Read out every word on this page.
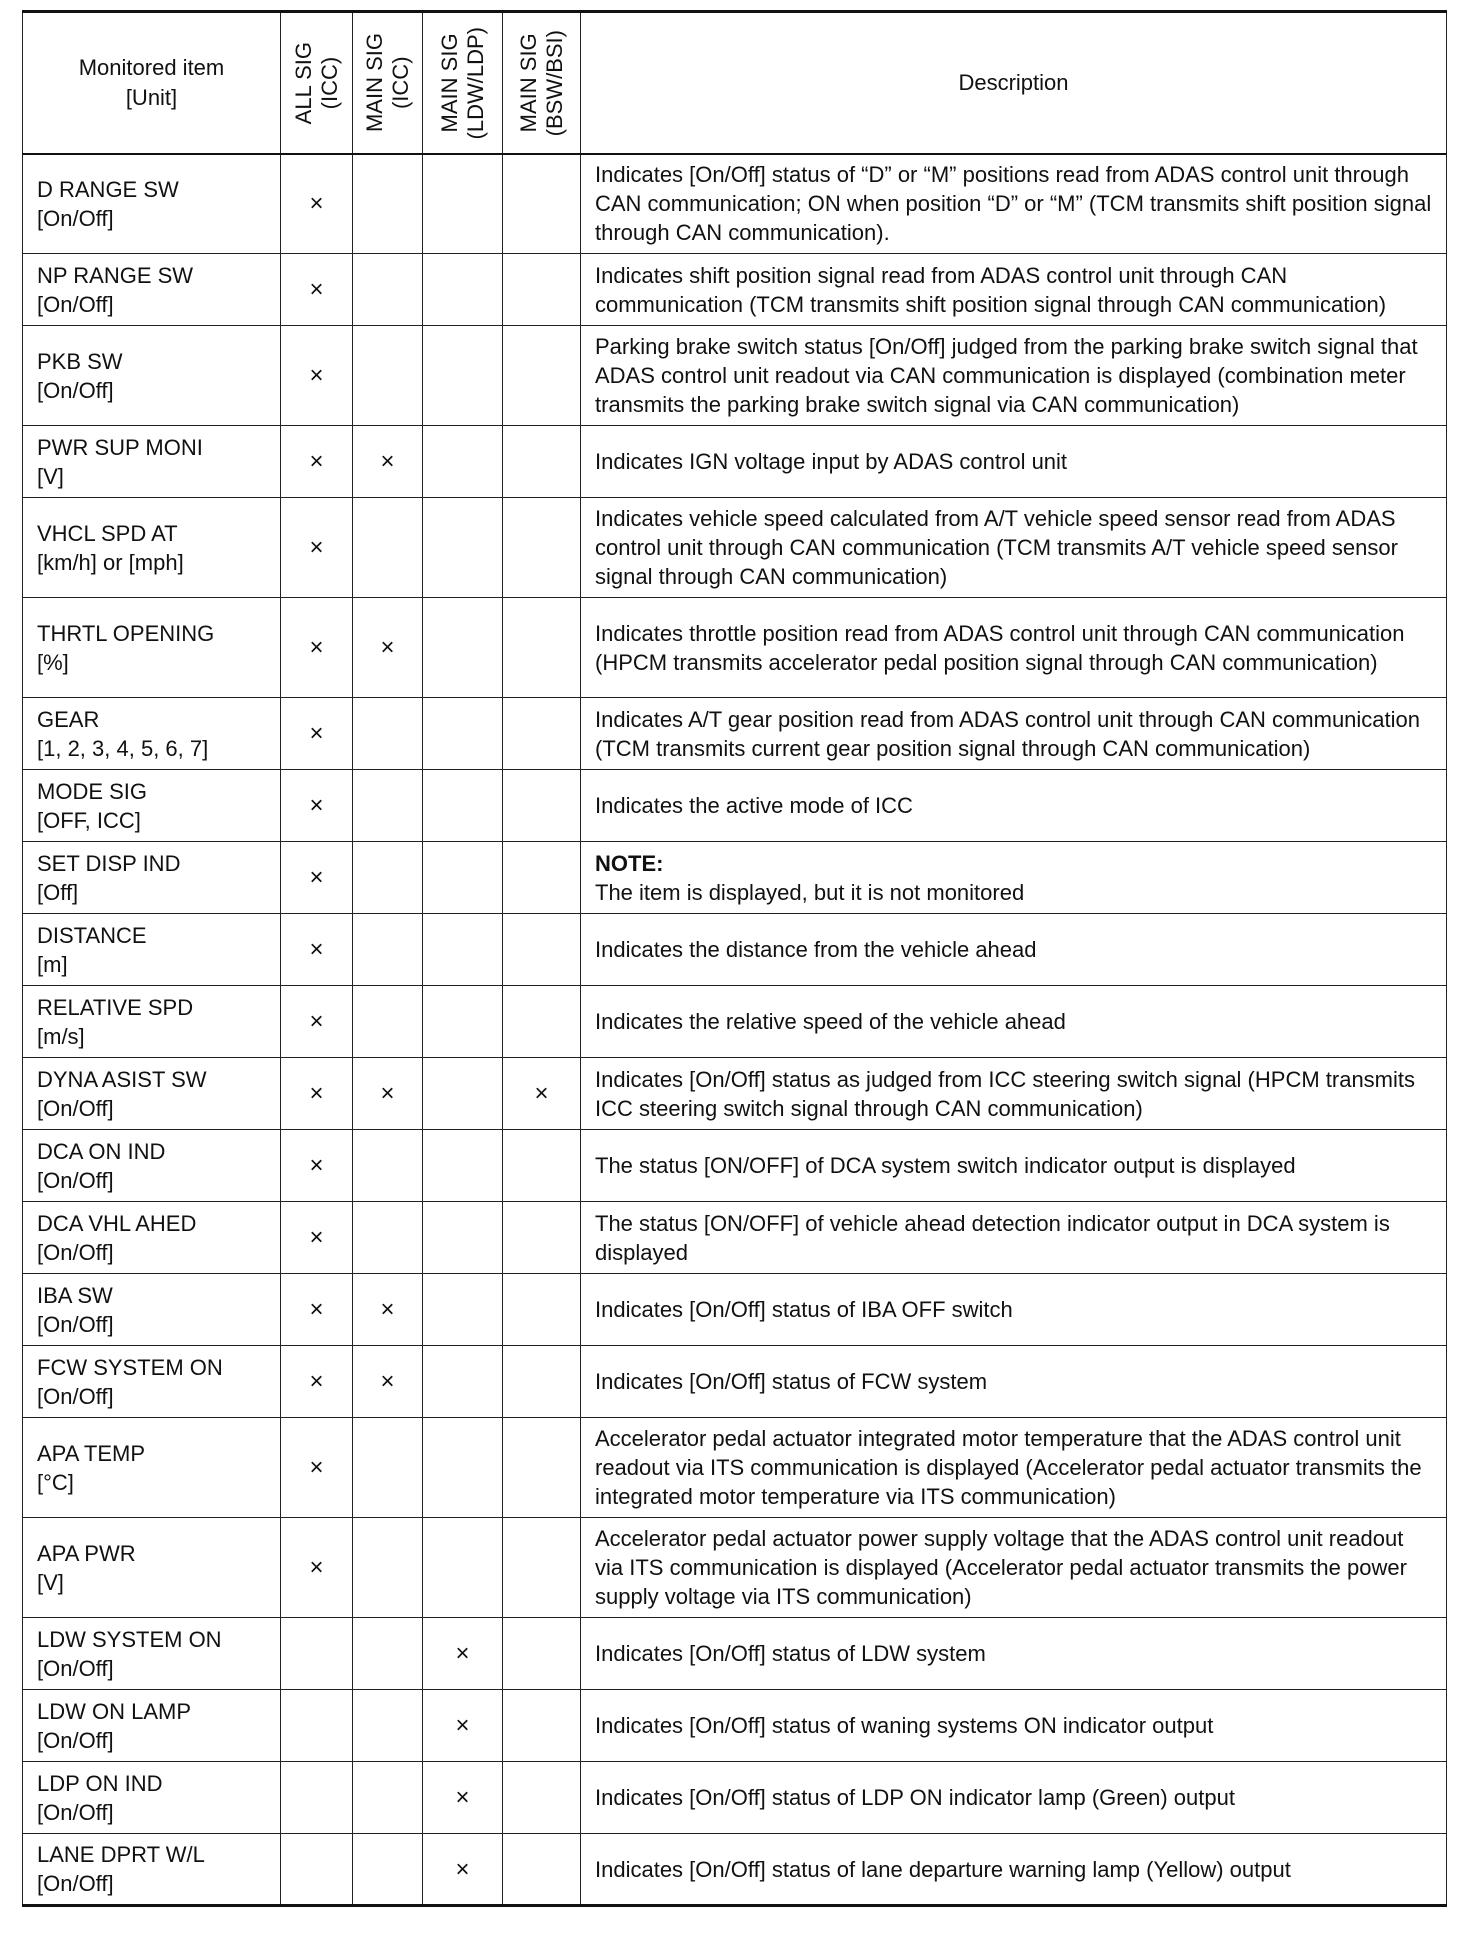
Monitored item
[Unit]	ALL SIG (ICC)	MAIN SIG (ICC)	MAIN SIG (LDW/LDP)	MAIN SIG (BSW/BSI)	Description

D RANGE SW
[On/Off]	×				Indicates [On/Off] status of “D” or “M” positions read from ADAS control unit through CAN communication; ON when position “D” or “M” (TCM transmits shift position signal through CAN communication).

NP RANGE SW
[On/Off]	×				Indicates shift position signal read from ADAS control unit through CAN communication (TCM transmits shift position signal through CAN communication)

PKB SW
[On/Off]	×				Parking brake switch status [On/Off] judged from the parking brake switch signal that ADAS control unit readout via CAN communication is displayed (combination meter transmits the parking brake switch signal via CAN communication)

PWR SUP MONI
[V]	×	×			Indicates IGN voltage input by ADAS control unit

VHCL SPD AT
[km/h] or [mph]	×				Indicates vehicle speed calculated from A/T vehicle speed sensor read from ADAS control unit through CAN communication (TCM transmits A/T vehicle speed sensor signal through CAN communication)

THRTL OPENING
[%]	×	×			Indicates throttle position read from ADAS control unit through CAN communication (HPCM transmits accelerator pedal position signal through CAN communication)

GEAR
[1, 2, 3, 4, 5, 6, 7]	×				Indicates A/T gear position read from ADAS control unit through CAN communication (TCM transmits current gear position signal through CAN communication)

MODE SIG
[OFF, ICC]	×				Indicates the active mode of ICC

SET DISP IND
[Off]	×				NOTE:
The item is displayed, but it is not monitored

DISTANCE
[m]	×				Indicates the distance from the vehicle ahead

RELATIVE SPD
[m/s]	×				Indicates the relative speed of the vehicle ahead

DYNA ASIST SW
[On/Off]	×	×		×	Indicates [On/Off] status as judged from ICC steering switch signal (HPCM transmits ICC steering switch signal through CAN communication)

DCA ON IND
[On/Off]	×				The status [ON/OFF] of DCA system switch indicator output is displayed

DCA VHL AHED
[On/Off]	×				The status [ON/OFF] of vehicle ahead detection indicator output in DCA system is displayed

IBA SW
[On/Off]	×	×			Indicates [On/Off] status of IBA OFF switch

FCW SYSTEM ON
[On/Off]	×	×			Indicates [On/Off] status of FCW system

APA TEMP
[°C]	×				Accelerator pedal actuator integrated motor temperature that the ADAS control unit readout via ITS communication is displayed (Accelerator pedal actuator transmits the integrated motor temperature via ITS communication)

APA PWR
[V]	×				Accelerator pedal actuator power supply voltage that the ADAS control unit readout via ITS communication is displayed (Accelerator pedal actuator transmits the power supply voltage via ITS communication)

LDW SYSTEM ON
[On/Off]			×		Indicates [On/Off] status of LDW system

LDW ON LAMP
[On/Off]			×		Indicates [On/Off] status of waning systems ON indicator output

LDP ON IND
[On/Off]			×		Indicates [On/Off] status of LDP ON indicator lamp (Green) output

LANE DPRT W/L
[On/Off]			×		Indicates [On/Off] status of lane departure warning lamp (Yellow) output
